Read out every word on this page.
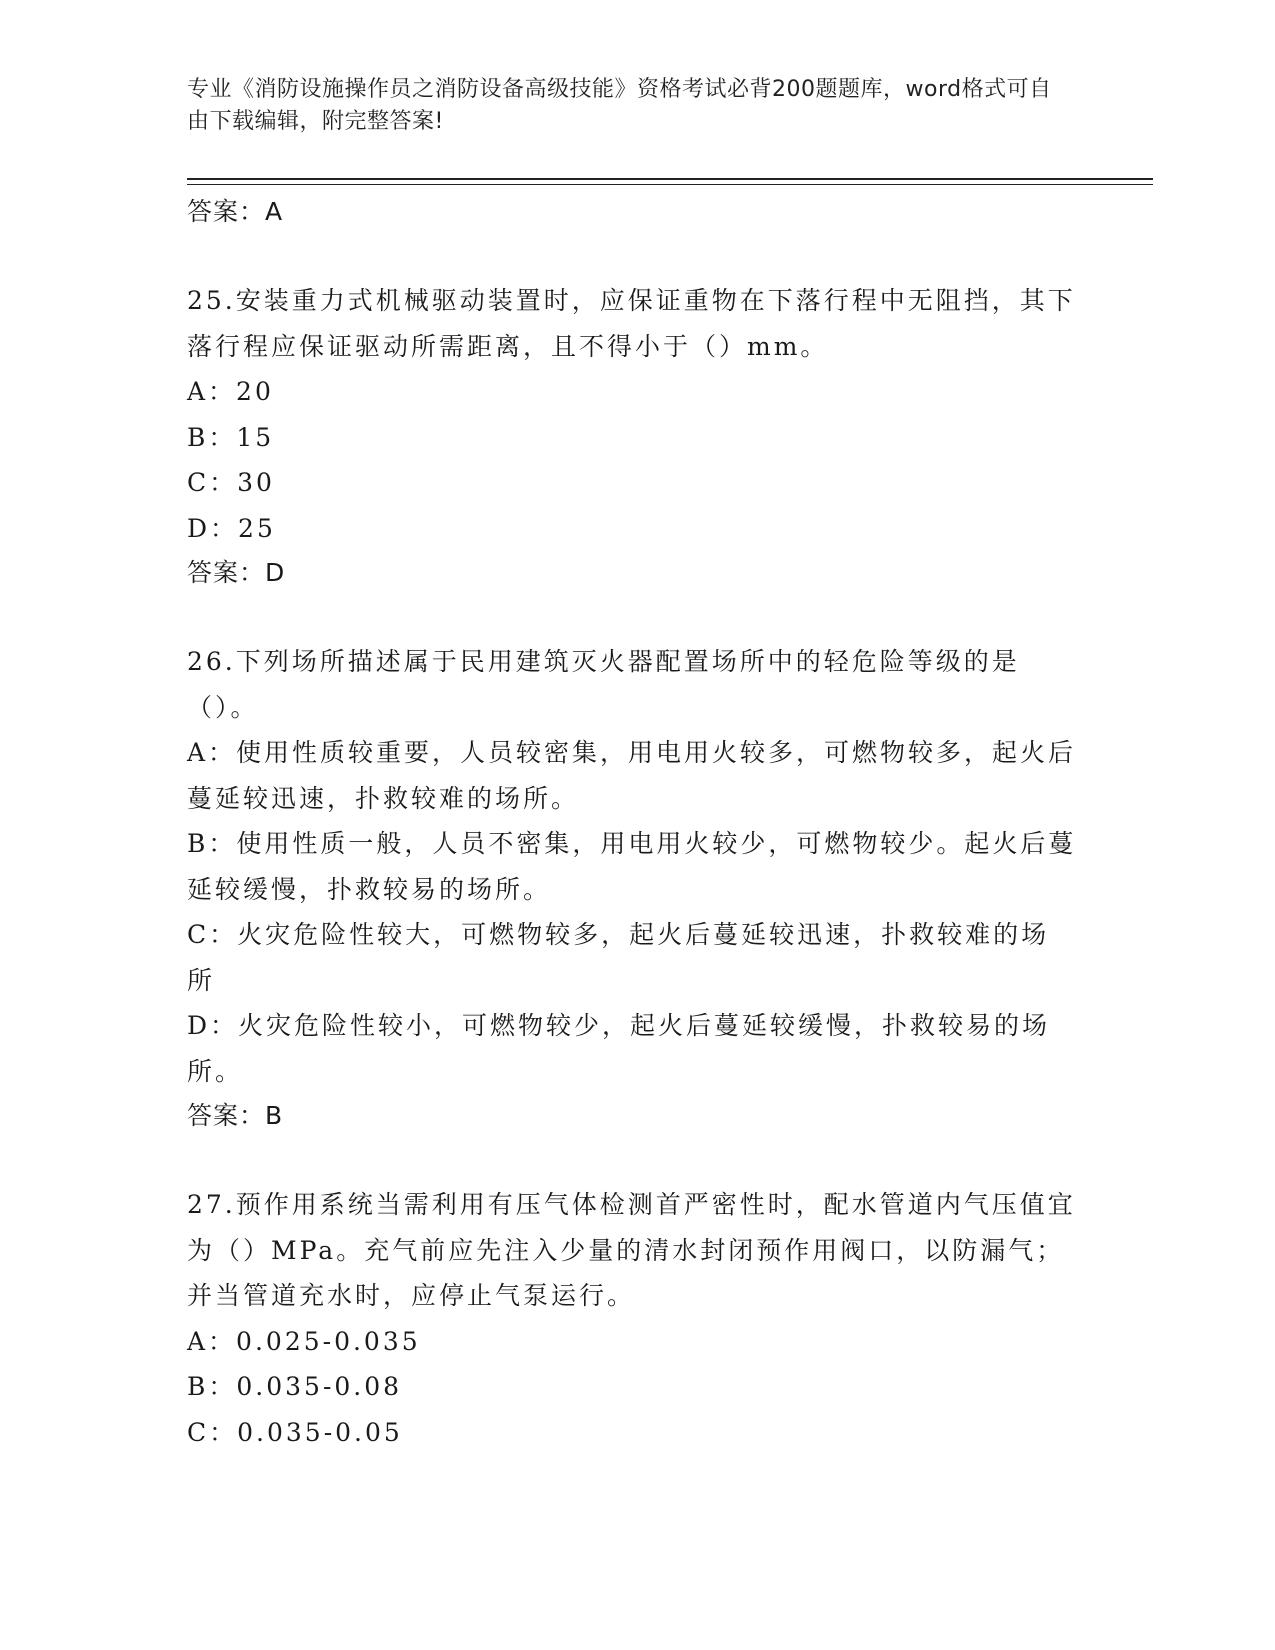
专业《消防设施操作员之消防设备高级技能》资格考试必背200题题库，word格式可自由下载编辑，附完整答案!
答案：A
25.安装重力式机械驱动装置时，应保证重物在下落行程中无阻挡，其下落行程应保证驱动所需距离，且不得小于（）mm。
A：20
B：15
C：30
D：25
答案：D
26.下列场所描述属于民用建筑灭火器配置场所中的轻危险等级的是（）。
A：使用性质较重要，人员较密集，用电用火较多，可燃物较多，起火后蔓延较迅速，扑救较难的场所。
B：使用性质一般，人员不密集，用电用火较少，可燃物较少。起火后蔓延较缓慢，扑救较易的场所。
C：火灾危险性较大，可燃物较多，起火后蔓延较迅速，扑救较难的场所
D：火灾危险性较小，可燃物较少，起火后蔓延较缓慢，扑救较易的场所。
答案：B
27.预作用系统当需利用有压气体检测首严密性时，配水管道内气压值宜为（）MPa。充气前应先注入少量的清水封闭预作用阀口，以防漏气；并当管道充水时，应停止气泵运行。
A：0.025-0.035
B：0.035-0.08
C：0.035-0.05
